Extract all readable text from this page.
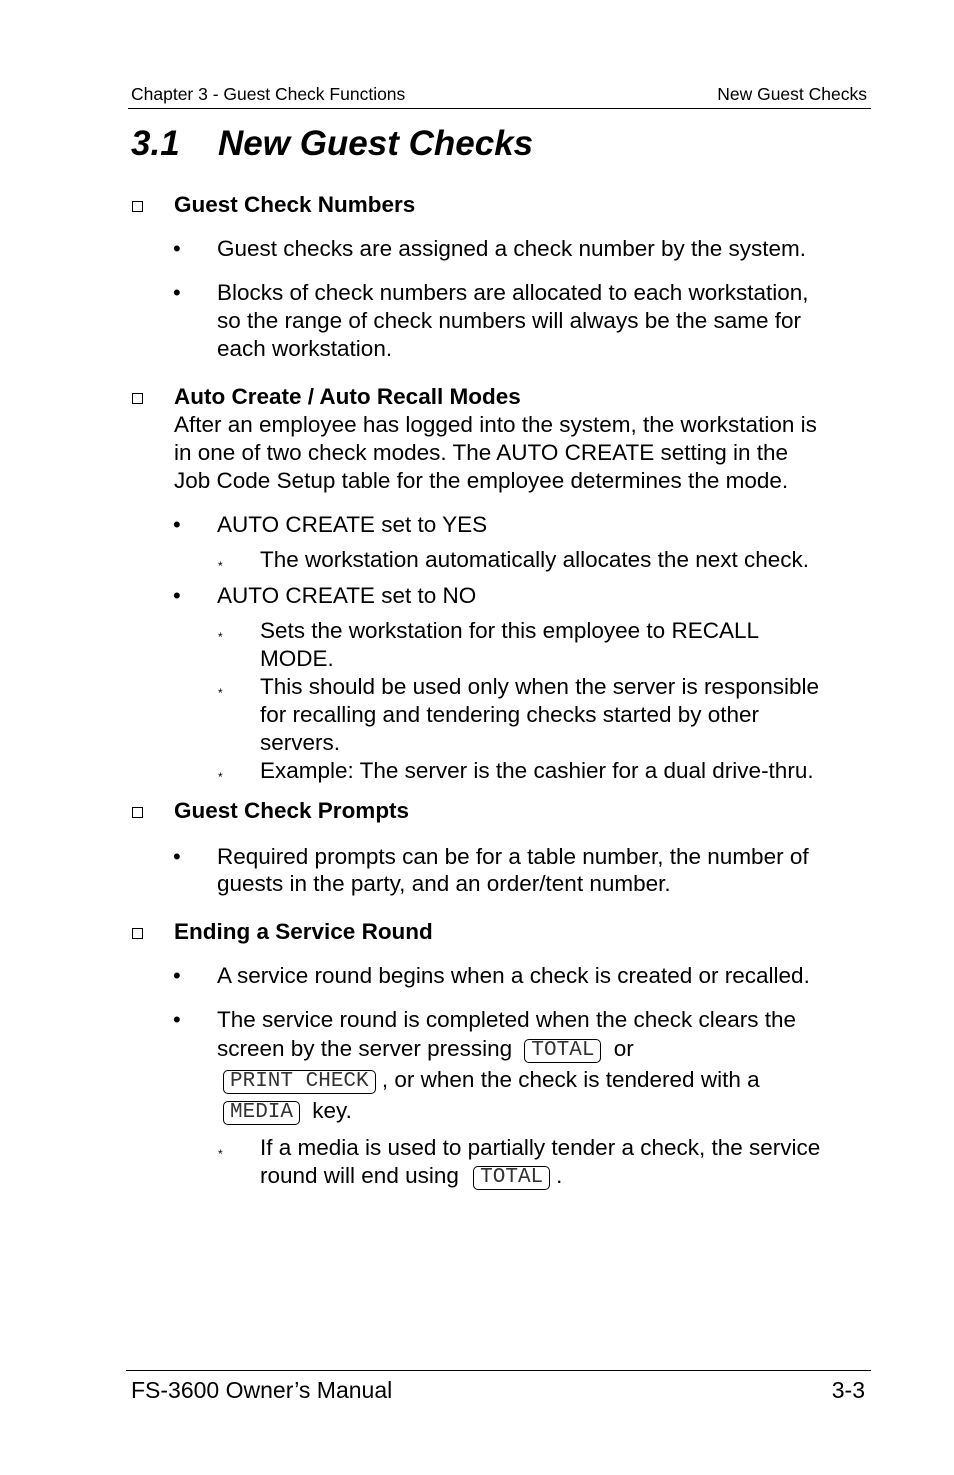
Chapter 3 - Guest Check Functions	New Guest Checks
3.1 New Guest Checks
Guest Check Numbers
• Guest checks are assigned a check number by the system.
• Blocks of check numbers are allocated to each workstation,
so the range of check numbers will always be the same for
each workstation.
Auto Create / Auto Recall Modes
After an employee has logged into the system, the workstation is
in one of two check modes. The AUTO CREATE setting in the
Job Code Setup table for the employee determines the mode.
• AUTO CREATE set to YES
* The workstation automatically allocates the next check.
• AUTO CREATE set to NO
* Sets the workstation for this employee to RECALL
MODE.
* This should be used only when the server is responsible
for recalling and tendering checks started by other
servers.
* Example: The server is the cashier for a dual drive-thru.
Guest Check Prompts
• Required prompts can be for a table number, the number of
guests in the party, and an order/tent number.
Ending a Service Round
• A service round begins when a check is created or recalled.
• The service round is completed when the check clears the
screen by the server pressing TOTAL or
PRINT CHECK , or when the check is tendered with a
MEDIA key.
* If a media is used to partially tender a check, the service
round will end using TOTAL .
FS-3600 Owner’s Manual	3-3
